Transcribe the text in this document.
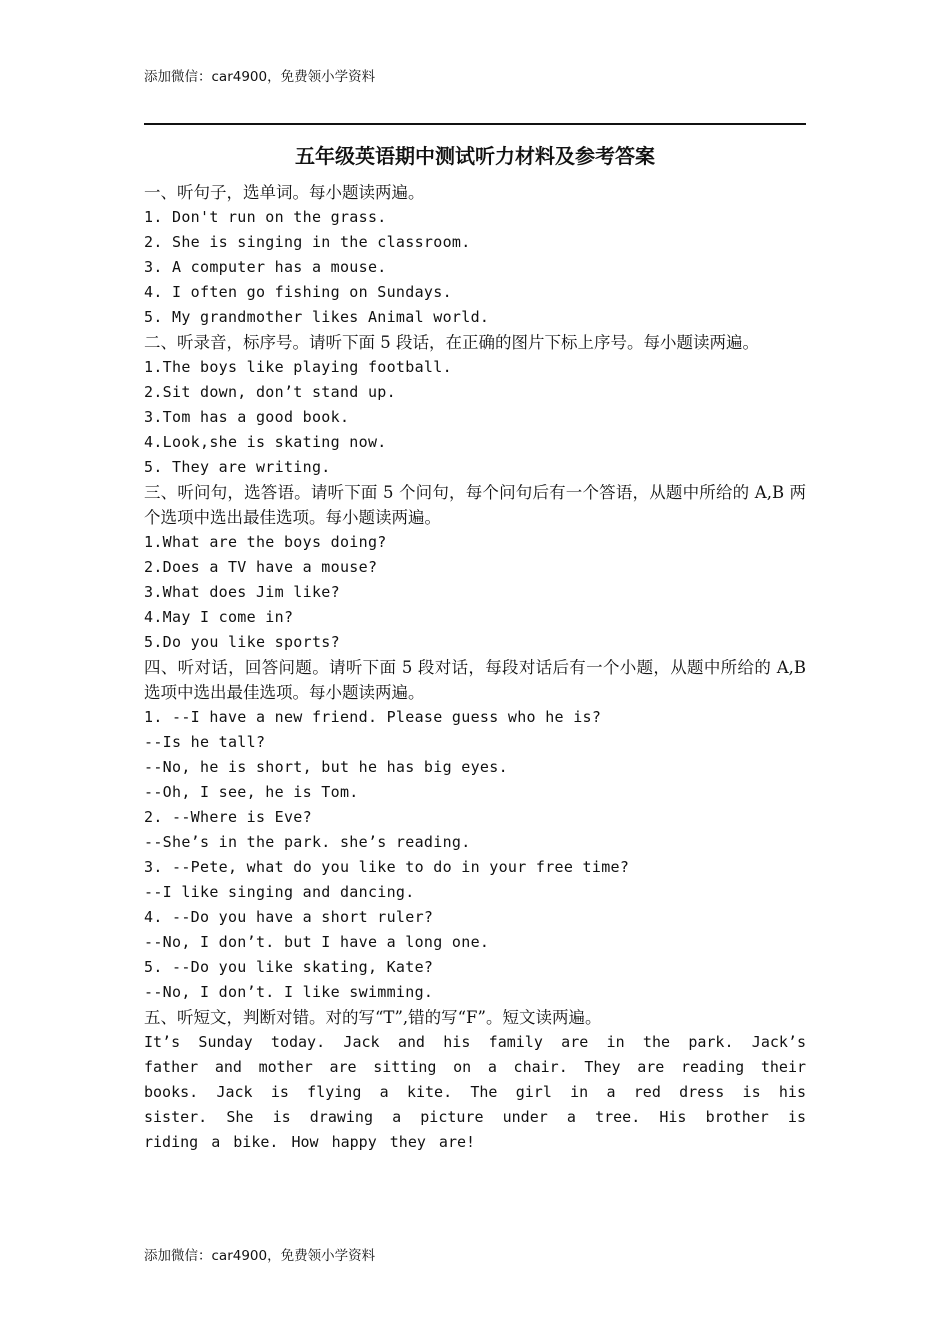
添加微信：car4900，免费领小学资料
五年级英语期中测试听力材料及参考答案
一、听句子，选单词。每小题读两遍。
1. Don't run on the grass.
2. She is singing in the classroom.
3. A computer has a mouse.
4. I often go fishing on Sundays.
5. My grandmother likes Animal world.
二、听录音，标序号。请听下面 5 段话，在正确的图片下标上序号。每小题读两遍。
1.The boys like playing football.
2.Sit down, don’t stand up.
3.Tom has a good book.
4.Look,she is skating now.
5. They are writing.
三、听问句，选答语。请听下面 5 个问句，每个问句后有一个答语，从题中所给的 A,B 两个选项中选出最佳选项。每小题读两遍。
1.What are the boys doing?
2.Does a TV have a mouse?
3.What does Jim like?
4.May I come in?
5.Do you like sports?
四、听对话，回答问题。请听下面 5 段对话，每段对话后有一个小题，从题中所给的 A,B 选项中选出最佳选项。每小题读两遍。
1. --I have a new friend. Please guess who he is?
--Is he tall?
--No, he is short, but he has big eyes.
--Oh, I see, he is Tom.
2. --Where is Eve?
--She’s in the park. she’s reading.
3. --Pete, what do you like to do in your free time?
--I like singing and dancing.
4. --Do you have a short ruler?
--No, I don’t. but I have a long one.
5. --Do you like skating, Kate?
--No, I don’t. I like swimming.
五、听短文，判断对错。对的写“T”,错的写“F”。短文读两遍。
It’s Sunday today. Jack and his family are in the park. Jack’s father and mother are sitting on a chair. They are reading their books. Jack is flying a kite. The girl in a red dress is his sister. She is drawing a picture under a tree. His brother is riding a bike. How happy they are!
添加微信：car4900，免费领小学资料
